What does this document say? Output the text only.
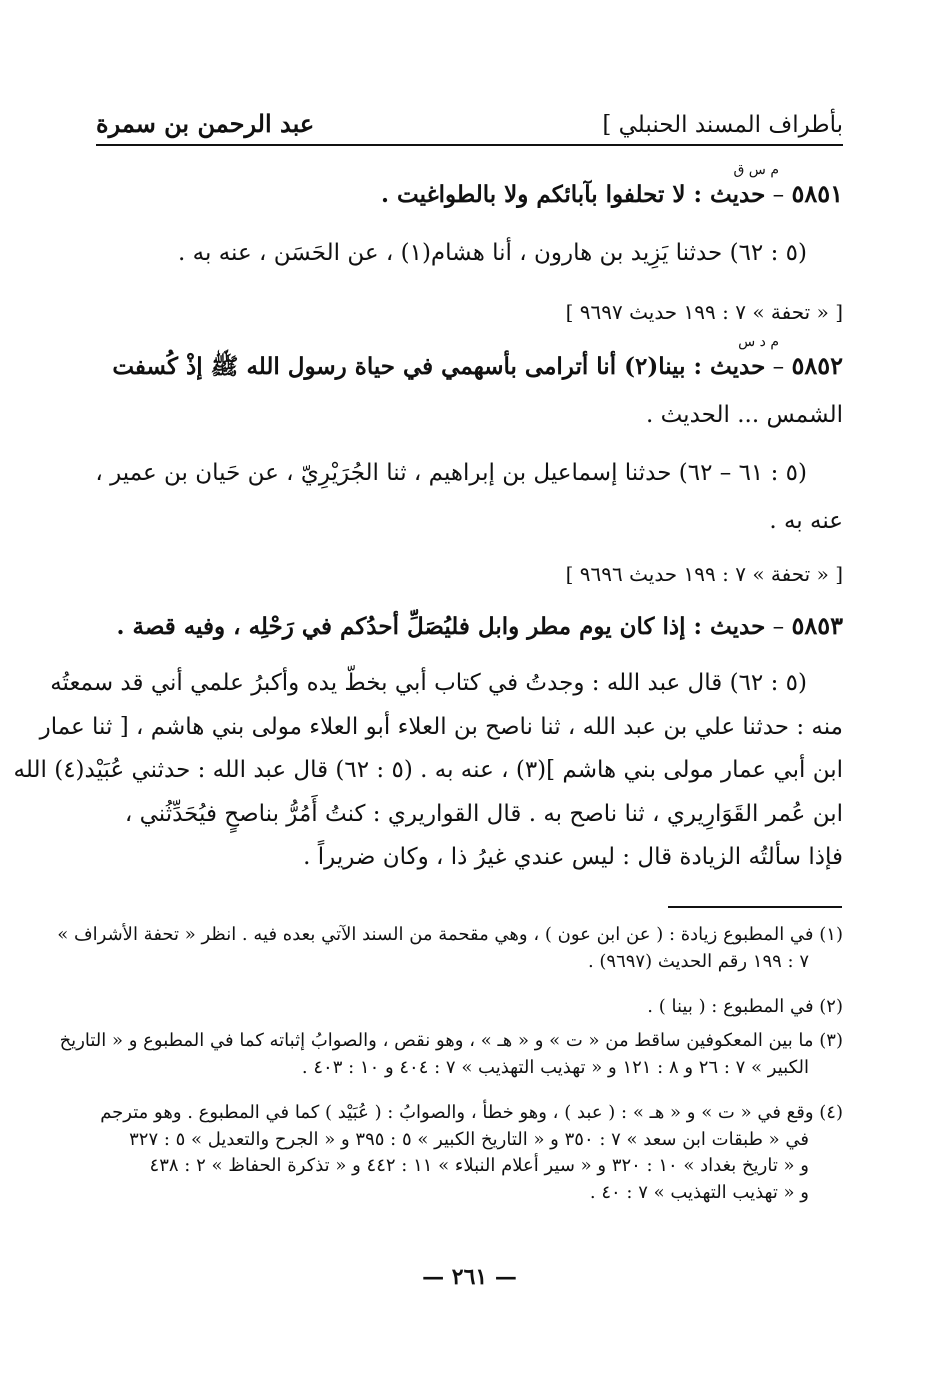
بأطراف المسند الحنبلي ]
عبد الرحمن بن سمرة
م س ق
٥٨٥١ – حديث : لا تحلفوا بآبائكم ولا بالطواغيت .
(٥ : ٦٢) حدثنا يَزِيد بن هارون ، أنا هشام(١) ، عن الحَسَن ، عنه به .
[ « تحفة » ٧ : ١٩٩ حديث ٩٦٩٧ ]
م د س
٥٨٥٢ – حديث : بينا(٢) أنا أترامى بأسهمي في حياة رسول الله ﷺ إذْ كُسفت
الشمس ... الحديث .
(٥ : ٦١ – ٦٢) حدثنا إسماعيل بن إبراهيم ، ثنا الجُرَيْرِيّ ، عن حَيان بن عمير ،
عنه به .
[ « تحفة » ٧ : ١٩٩ حديث ٩٦٩٦ ]
٥٨٥٣ – حديث : إذا كان يوم مطر وابل فليُصَلِّ أحدُكم في رَحْلِه ، وفيه قصة .
(٥ : ٦٢) قال عبد الله : وجدتُ في كتاب أبي بخطّ يده وأكبرُ علمي أني قد سمعتُه
منه : حدثنا علي بن عبد الله ، ثنا ناصح بن العلاء أبو العلاء مولى بني هاشم ، [ ثنا عمار
ابن أبي عمار مولى بني هاشم ](٣) ، عنه به . (٥ : ٦٢) قال عبد الله : حدثني عُبَيْد(٤) الله
ابن عُمر القَوَارِيري ، ثنا ناصح به . قال القواريري : كنتُ أَمُرُّ بناصحٍ فيُحَدِّثُني ،
فإذا سألتُه الزيادة قال : ليس عندي غيرُ ذا ، وكان ضريراً .
(١) في المطبوع زيادة : ( عن ابن عون ) ، وهي مقحمة من السند الآتي بعده فيه . انظر « تحفة الأشراف »
٧ : ١٩٩ رقم الحديث (٩٦٩٧) .
(٢) في المطبوع : ( بينا ) .
(٣) ما بين المعكوفين ساقط من « ت » و « هـ » ، وهو نقص ، والصوابُ إثباته كما في المطبوع و « التاريخ
الكبير » ٧ : ٢٦ و ٨ : ١٢١ و « تهذيب التهذيب » ٧ : ٤٠٤ و ١٠ : ٤٠٣ .
(٤) وقع في « ت » و « هـ » : ( عبد ) ، وهو خطأ ، والصوابُ : ( عُبَيْد ) كما في المطبوع . وهو مترجم
في « طبقات ابن سعد » ٧ : ٣٥٠ و « التاريخ الكبير » ٥ : ٣٩٥ و « الجرح والتعديل » ٥ : ٣٢٧
و « تاريخ بغداد » ١٠ : ٣٢٠ و « سير أعلام النبلاء » ١١ : ٤٤٢ و « تذكرة الحفاظ » ٢ : ٤٣٨
و « تهذيب التهذيب » ٧ : ٤٠ .
— ٢٦١ —
